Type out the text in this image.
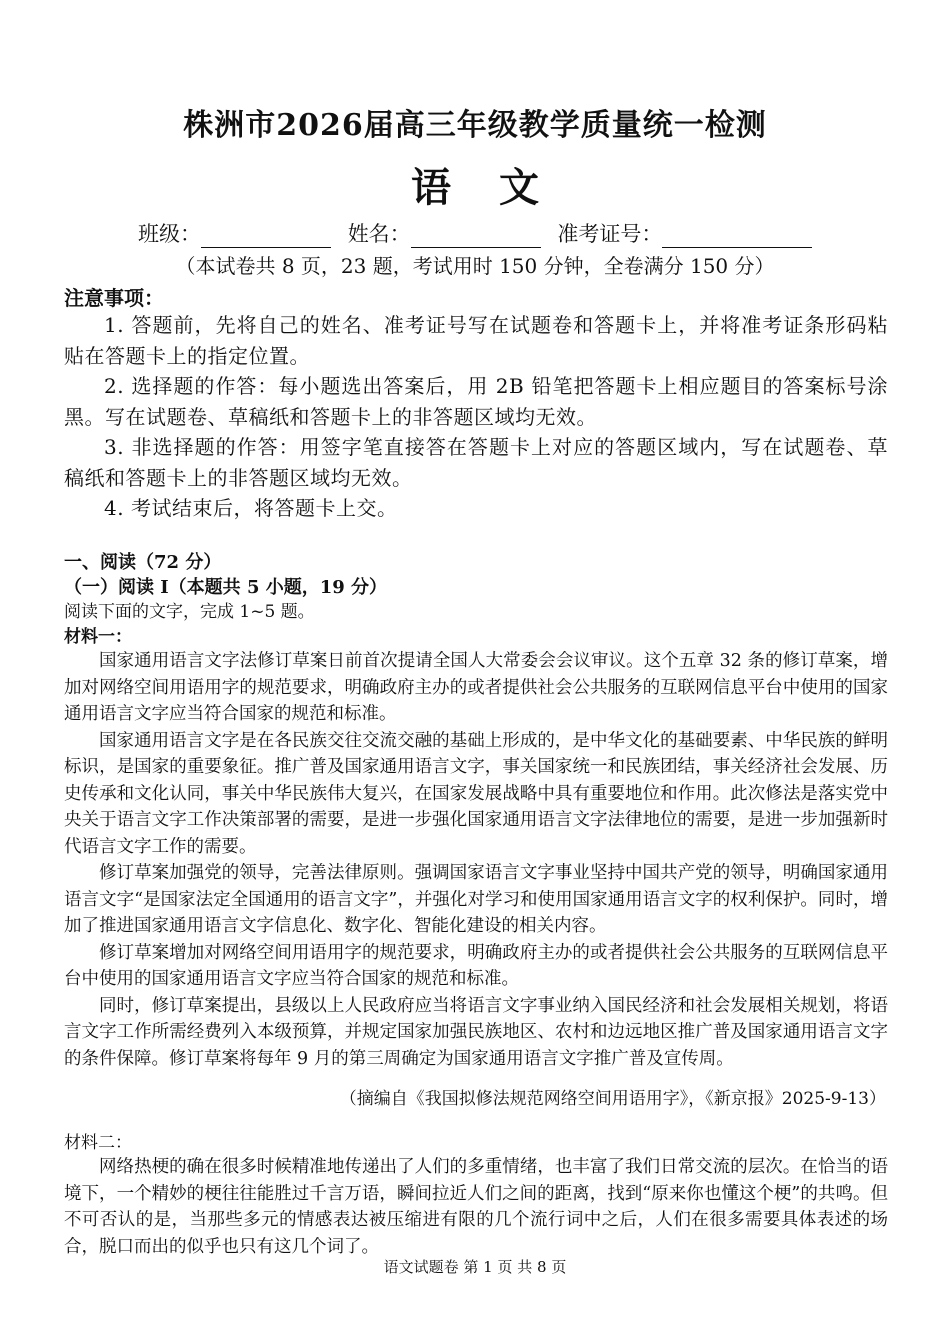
株洲市2026届高三年级教学质量统一检测
语文
班级：	姓名：	准考证号：
（本试卷共 8 页，23 题，考试用时 150 分钟，全卷满分 150 分）
注意事项：

1. 答题前，先将自己的姓名、准考证号写在试题卷和答题卡上，并将准考证条形码粘贴在答题卡上的指定位置。

2. 选择题的作答：每小题选出答案后，用 2B 铅笔把答题卡上相应题目的答案标号涂黑。写在试题卷、草稿纸和答题卡上的非答题区域均无效。

3. 非选择题的作答：用签字笔直接答在答题卡上对应的答题区域内，写在试题卷、草稿纸和答题卡上的非答题区域均无效。

4. 考试结束后，将答题卡上交。

一、阅读（72 分）
（一）阅读 I（本题共 5 小题，19 分）
阅读下面的文字，完成 1~5 题。
材料一：

国家通用语言文字法修订草案日前首次提请全国人大常委会会议审议。这个五章 32 条的修订草案，增加对网络空间用语用字的规范要求，明确政府主办的或者提供社会公共服务的互联网信息平台中使用的国家通用语言文字应当符合国家的规范和标准。

国家通用语言文字是在各民族交往交流交融的基础上形成的，是中华文化的基础要素、中华民族的鲜明标识，是国家的重要象征。推广普及国家通用语言文字，事关国家统一和民族团结，事关经济社会发展、历史传承和文化认同，事关中华民族伟大复兴，在国家发展战略中具有重要地位和作用。此次修法是落实党中央关于语言文字工作决策部署的需要，是进一步强化国家通用语言文字法律地位的需要，是进一步加强新时代语言文字工作的需要。

修订草案加强党的领导，完善法律原则。强调国家语言文字事业坚持中国共产党的领导，明确国家通用语言文字“是国家法定全国通用的语言文字”，并强化对学习和使用国家通用语言文字的权利保护。同时，增加了推进国家通用语言文字信息化、数字化、智能化建设的相关内容。

修订草案增加对网络空间用语用字的规范要求，明确政府主办的或者提供社会公共服务的互联网信息平台中使用的国家通用语言文字应当符合国家的规范和标准。

同时，修订草案提出，县级以上人民政府应当将语言文字事业纳入国民经济和社会发展相关规划，将语言文字工作所需经费列入本级预算，并规定国家加强民族地区、农村和边远地区推广普及国家通用语言文字的条件保障。修订草案将每年 9 月的第三周确定为国家通用语言文字推广普及宣传周。

（摘编自《我国拟修法规范网络空间用语用字》，《新京报》2025-9-13）
材料二：

网络热梗的确在很多时候精准地传递出了人们的多重情绪，也丰富了我们日常交流的层次。在恰当的语境下，一个精妙的梗往往能胜过千言万语，瞬间拉近人们之间的距离，找到“原来你也懂这个梗”的共鸣。但不可否认的是，当那些多元的情感表达被压缩进有限的几个流行词中之后，人们在很多需要具体表述的场合，脱口而出的似乎也只有这几个词了。

语文试题卷 第 1 页 共 8 页
